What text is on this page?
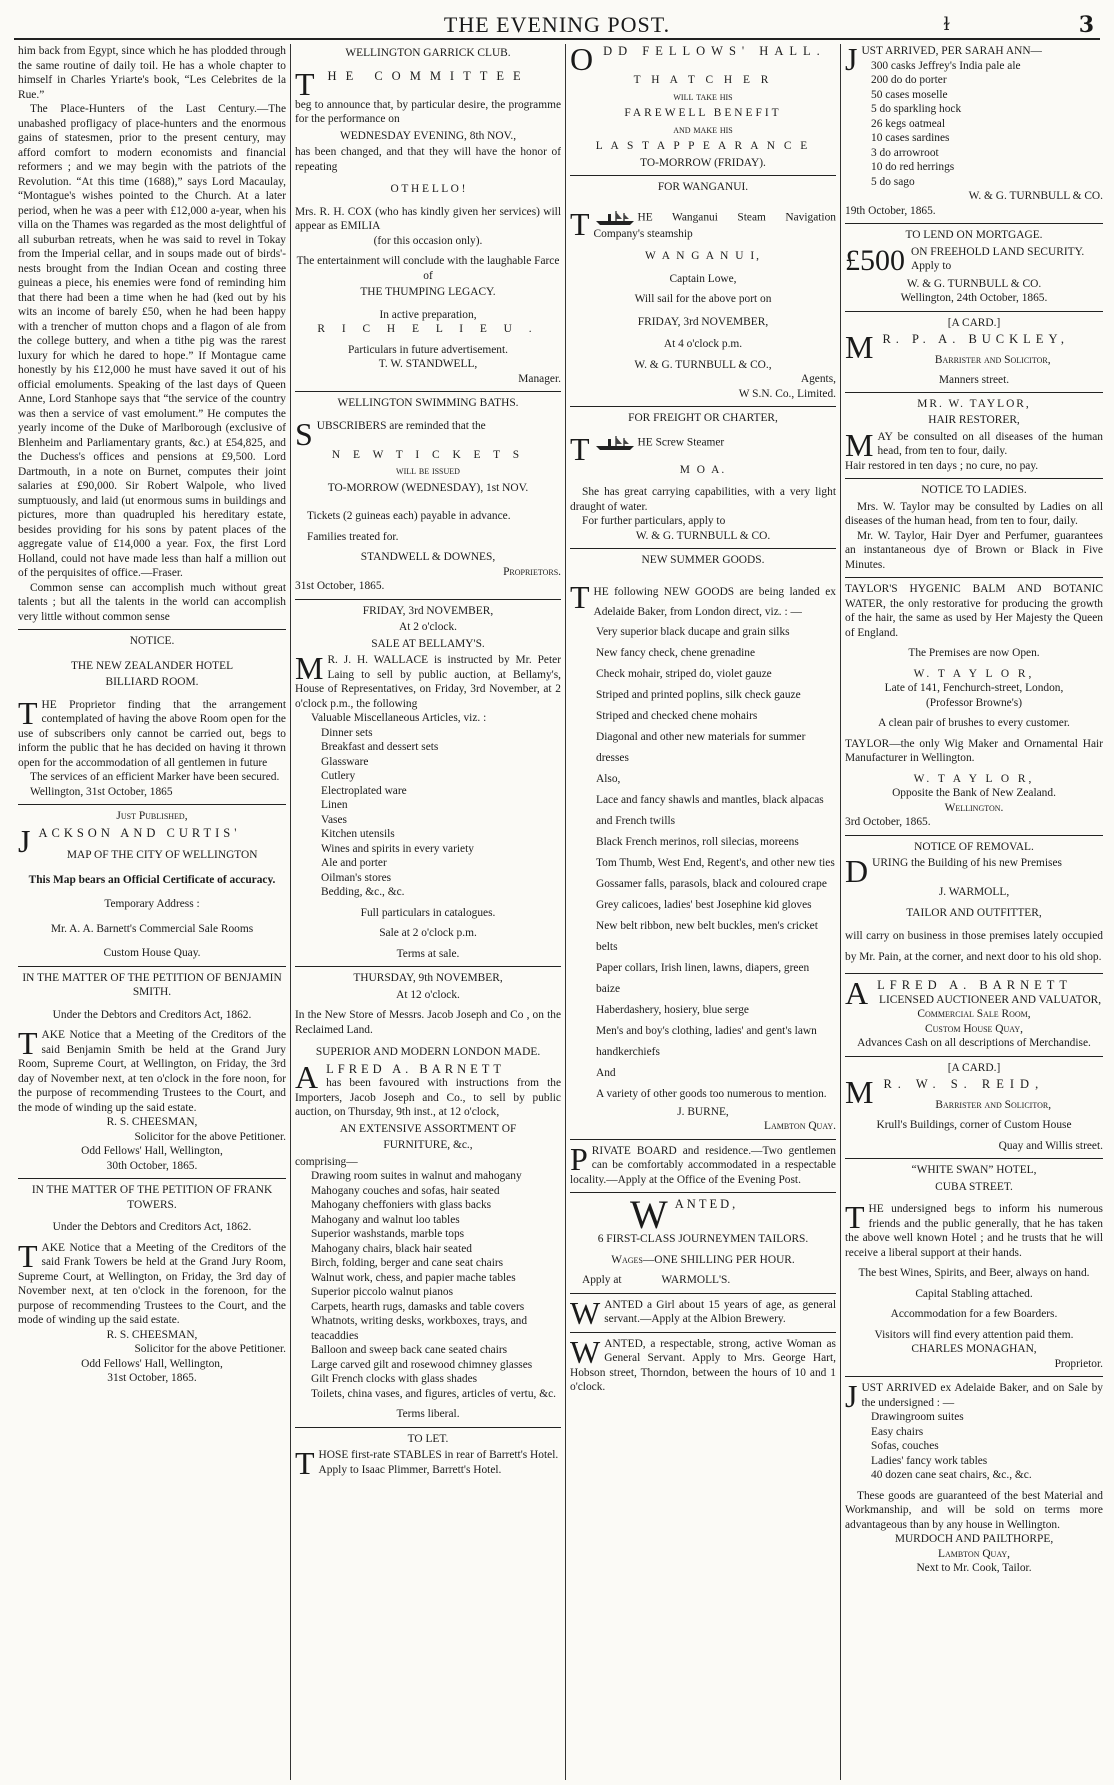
THE EVENING POST.	ɫ	3

him back from Egypt, since which he has plodded through the same routine of daily toil. He has a whole chapter to himself in Charles Yriarte's book, “Les Celebrites de la Rue.”

The Place-Hunters of the Last Century.—The unabashed profligacy of place-hunters and the enormous gains of statesmen, prior to the present century, may afford comfort to modern economists and financial reformers ; and we may begin with the patriots of the Revolution. “At this time (1688),” says Lord Macaulay, “Montague's wishes pointed to the Church. At a later period, when he was a peer with £12,000 a-year, when his villa on the Thames was regarded as the most delightful of all suburban retreats, when he was said to revel in Tokay from the Imperial cellar, and in soups made out of birds'-nests brought from the Indian Ocean and costing three guineas a piece, his enemies were fond of reminding him that there had been a time when he had (ked out by his wits an income of barely £50, when he had been happy with a trencher of mutton chops and a flagon of ale from the college buttery, and when a tithe pig was the rarest luxury for which he dared to hope.” If Montague came honestly by his £12,000 he must have saved it out of his official emoluments. Speaking of the last days of Queen Anne, Lord Stanhope says that “the service of the country was then a service of vast emolument.” He computes the yearly income of the Duke of Marlborough (exclusive of Blenheim and Parliamentary grants, &c.) at £54,825, and the Duchess's offices and pensions at £9,500. Lord Dartmouth, in a note on Burnet, computes their joint salaries at £90,000. Sir Robert Walpole, who lived sumptuously, and laid (ut enormous sums in buildings and pictures, more than quadrupled his hereditary estate, besides providing for his sons by patent places of the aggregate value of £14,000 a year. Fox, the first Lord Holland, could not have made less than half a million out of the perquisites of office.—Fraser.

Common sense can accomplish much without great talents ; but all the talents in the world can accomplish very little without common sense

NOTICE.

THE NEW ZEALANDER HOTEL

BILLIARD ROOM.

THE Proprietor finding that the arrangement contemplated of having the above Room open for the use of subscribers only cannot be carried out, begs to inform the public that he has decided on having it thrown open for the accommodation of all gentlemen in future

The services of an efficient Marker have been secured.

Wellington, 31st October, 1865

Just Published,

JACKSON AND CURTIS'

MAP OF THE CITY OF WELLINGTON

This Map bears an Official Certificate of accuracy.

Temporary Address :

Mr. A. A. Barnett's Commercial Sale Rooms

Custom House Quay.

IN THE MATTER OF THE PETITION OF BENJAMIN SMITH.

Under the Debtors and Creditors Act, 1862.

TAKE Notice that a Meeting of the Creditors of the said Benjamin Smith be held at the Grand Jury Room, Supreme Court, at Wellington, on Friday, the 3rd day of November next, at ten o'clock in the fore noon, for the purpose of recommending Trustees to the Court, and the mode of winding up the said estate.

R. S. CHEESMAN,

Solicitor for the above Petitioner.

Odd Fellows' Hall, Wellington,

30th October, 1865.

IN THE MATTER OF THE PETITION OF FRANK TOWERS.

Under the Debtors and Creditors Act, 1862.

TAKE Notice that a Meeting of the Creditors of the said Frank Towers be held at the Grand Jury Room, Supreme Court, at Wellington, on Friday, the 3rd day of November next, at ten o'clock in the forenoon, for the purpose of recommending Trustees to the Court, and the mode of winding up the said estate.

R. S. CHEESMAN,

Solicitor for the above Petitioner.

Odd Fellows' Hall, Wellington,

31st October, 1865.

WELLINGTON GARRICK CLUB.

THE COMMITTEE

beg to announce that, by particular desire, the programme for the performance on

WEDNESDAY EVENING, 8th NOV.,

has been changed, and that they will have the honor of repeating

O T H E L L O !

Mrs. R. H. COX (who has kindly given her services) will appear as EMILIA

(for this occasion only).

The entertainment will conclude with the laughable Farce of

THE THUMPING LEGACY.

In active preparation,

R I C H E L I E U .

Particulars in future advertisement.

T. W. STANDWELL,

Manager.

WELLINGTON SWIMMING BATHS.

SUBSCRIBERS are reminded that the

N E W T I C K E T S

will be issued

TO-MORROW (WEDNESDAY), 1st NOV.

Tickets (2 guineas each) payable in advance.

Families treated for.

STANDWELL & DOWNES,

Proprietors.

31st October, 1865.

FRIDAY, 3rd NOVEMBER,

At 2 o'clock.

SALE AT BELLAMY'S.

M R. J. H. WALLACE is instructed by Mr. Peter Laing to sell by public auction, at Bellamy's, House of Representatives, on Friday, 3rd November, at 2 o'clock p.m., the following

Valuable Miscellaneous Articles, viz. :

Dinner sets

Breakfast and dessert sets

Glassware

Cutlery

Electroplated ware

Linen

Vases

Kitchen utensils

Wines and spirits in every variety

Ale and porter

Oilman's stores

Bedding, &c., &c.

Full particulars in catalogues.

Sale at 2 o'clock p.m.

Terms at sale.

THURSDAY, 9th NOVEMBER,

At 12 o'clock.

In the New Store of Messrs. Jacob Joseph and Co , on the Reclaimed Land.

SUPERIOR AND MODERN LONDON MADE.

ALFRED A. BARNETT

has been favoured with instructions from the Importers, Jacob Joseph and Co., to sell by public auction, on Thursday, 9th inst., at 12 o'clock,

AN EXTENSIVE ASSORTMENT OF

FURNITURE, &c.,

comprising—

Drawing room suites in walnut and mahogany

Mahogany couches and sofas, hair seated

Mahogany cheffoniers with glass backs

Mahogany and walnut loo tables

Superior washstands, marble tops

Mahogany chairs, black hair seated

Birch, folding, berger and cane seat chairs

Walnut work, chess, and papier mache tables

Superior piccolo walnut pianos

Carpets, hearth rugs, damasks and table covers

Whatnots, writing desks, workboxes, trays, and teacaddies

Balloon and sweep back cane seated chairs

Large carved gilt and rosewood chimney glasses

Gilt French clocks with glass shades

Toilets, china vases, and figures, articles of vertu, &c.

Terms liberal.

TO LET.

THOSE first-rate STABLES in rear of Barrett's Hotel.

Apply to Isaac Plimmer, Barrett's Hotel.

ODD FELLOWS' HALL.

T H A T C H E R

will take his

FAREWELL BENEFIT

and make his

L A S T A P P E A R A N C E

TO-MORROW (FRIDAY).

FOR WANGANUI.

T	HE Wanganui Steam Navigation Company's steamship

W A N G A N U I,

Captain Lowe,

Will sail for the above port on

FRIDAY, 3rd NOVEMBER,

At 4 o'clock p.m.

W. & G. TURNBULL & CO.,

Agents,

W S.N. Co., Limited.

FOR FREIGHT OR CHARTER,

T	HE Screw Steamer

M O A.

She has great carrying capabilities, with a very light draught of water.

For further particulars, apply to

W. & G. TURNBULL & CO.

NEW SUMMER GOODS.

THE following NEW GOODS are being landed ex Adelaide Baker, from London direct, viz. : —

Very superior black ducape and grain silks

New fancy check, chene grenadine

Check mohair, striped do, violet gauze

Striped and printed poplins, silk check gauze

Striped and checked chene mohairs

Diagonal and other new materials for summer dresses

Also,

Lace and fancy shawls and mantles, black alpacas and French twills

Black French merinos, roll silecias, moreens

Tom Thumb, West End, Regent's, and other new ties

Gossamer falls, parasols, black and coloured crape

Grey calicoes, ladies' best Josephine kid gloves

New belt ribbon, new belt buckles, men's cricket belts

Paper collars, Irish linen, lawns, diapers, green baize

Haberdashery, hosiery, blue serge

Men's and boy's clothing, ladies' and gent's lawn handkerchiefs

And

A variety of other goods too numerous to mention.

J. BURNE,

Lambton Quay.

PRIVATE BOARD and residence.—Two gentlemen can be comfortably accommodated in a respectable locality.—Apply at the Office of the Evening Post.

WANTED,

6 FIRST-CLASS JOURNEYMEN TAILORS.

Wages—ONE SHILLING PER HOUR.

Apply at	WARMOLL'S.

WANTED a Girl about 15 years of age, as general servant.—Apply at the Albion Brewery.

WANTED, a respectable, strong, active Woman as General Servant. Apply to Mrs. George Hart, Hobson street, Thorndon, between the hours of 10 and 1 o'clock.

JUST ARRIVED, PER SARAH ANN—

300 casks Jeffrey's India pale ale

200 do do porter

50 cases moselle

5 do sparkling hock

26 kegs oatmeal

10 cases sardines

3 do arrowroot

10 do red herrings

5 do sago

W. & G. TURNBULL & CO.

19th October, 1865.

TO LEND ON MORTGAGE.

£500 ON FREEHOLD LAND SECURITY.

Apply to

W. & G. TURNBULL & CO.

Wellington, 24th October, 1865.

[A CARD.]

M R. P. A. BUCKLEY,

Barrister and Solicitor,

Manners street.

MR. W. TAYLOR,

HAIR RESTORER,

MAY be consulted on all diseases of the human head, from ten to four, daily.

Hair restored in ten days ; no cure, no pay.

NOTICE TO LADIES.

Mrs. W. Taylor may be consulted by Ladies on all diseases of the human head, from ten to four, daily.

Mr. W. Taylor, Hair Dyer and Perfumer, guarantees an instantaneous dye of Brown or Black in Five Minutes.

TAYLOR'S HYGENIC BALM AND BOTANIC WATER, the only restorative for producing the growth of the hair, the same as used by Her Majesty the Queen of England.

The Premises are now Open.

W. T A Y L O R,

Late of 141, Fenchurch-street, London,

(Professor Browne's)

A clean pair of brushes to every customer.

TAYLOR—the only Wig Maker and Ornamental Hair Manufacturer in Wellington.

W. T A Y L O R,

Opposite the Bank of New Zealand.

Wellington.

3rd October, 1865.

NOTICE OF REMOVAL.

DURING the Building of his new Premises

J. WARMOLL,

TAILOR AND OUTFITTER,

will carry on business in those premises lately occupied by Mr. Pain, at the corner, and next door to his old shop.

ALFRED A. BARNETT

LICENSED AUCTIONEER AND VALUATOR,

Commercial Sale Room,

Custom House Quay,

Advances Cash on all descriptions of Merchandise.

[A CARD.]

M R. W. S. REID,

Barrister and Solicitor,

Krull's Buildings, corner of Custom House

Quay and Willis street.

“WHITE SWAN” HOTEL,

CUBA STREET.

THE undersigned begs to inform his numerous friends and the public generally, that he has taken the above well known Hotel ; and he trusts that he will receive a liberal support at their hands.

The best Wines, Spirits, and Beer, always on hand.

Capital Stabling attached.

Accommodation for a few Boarders.

Visitors will find every attention paid them.

CHARLES MONAGHAN,

Proprietor.

JUST ARRIVED ex Adelaide Baker, and on Sale by the undersigned : —

Drawingroom suites

Easy chairs

Sofas, couches

Ladies' fancy work tables

40 dozen cane seat chairs, &c., &c.

These goods are guaranteed of the best Material and Workmanship, and will be sold on terms more advantageous than by any house in Wellington.

MURDOCH AND PAILTHORPE,

Lambton Quay,

Next to Mr. Cook, Tailor.
